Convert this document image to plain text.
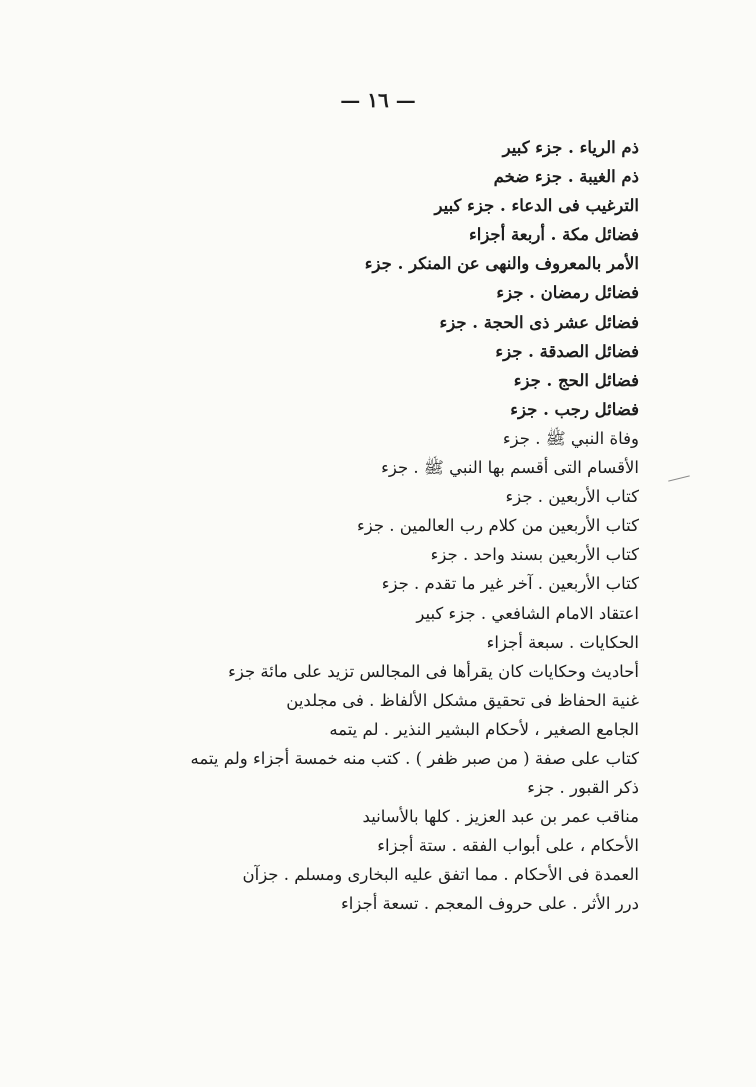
— ١٦ —
ذم الرياء . جزء كبير
ذم الغيبة . جزء ضخم
الترغيب فى الدعاء . جزء كبير
فضائل مكة . أربعة أجزاء
الأمر بالمعروف والنهى عن المنكر . جزء
فضائل رمضان . جزء
فضائل عشر ذى الحجة . جزء
فضائل الصدقة . جزء
فضائل الحج . جزء
فضائل رجب . جزء
وفاة النبي ﷺ . جزء
الأقسام التى أقسم بها النبي ﷺ . جزء
كتاب الأربعين . جزء
كتاب الأربعين من كلام رب العالمين . جزء
كتاب الأربعين بسند واحد . جزء
كتاب الأربعين . آخر غير ما تقدم . جزء
اعتقاد الامام الشافعي . جزء كبير
الحكايات . سبعة أجزاء
أحاديث وحكايات كان يقرأها فى المجالس تزيد على مائة جزء
غنية الحفاظ فى تحقيق مشكل الألفاظ . فى مجلدين
الجامع الصغير ، لأحكام البشير النذير . لم يتمه
كتاب على صفة ( من صبر ظفر ) . كتب منه خمسة أجزاء ولم يتمه
ذكر القبور . جزء
مناقب عمر بن عبد العزيز . كلها بالأسانيد
الأحكام ، على أبواب الفقه . ستة أجزاء
العمدة فى الأحكام . مما اتفق عليه البخارى ومسلم . جزآن
درر الأثر . على حروف المعجم . تسعة أجزاء
